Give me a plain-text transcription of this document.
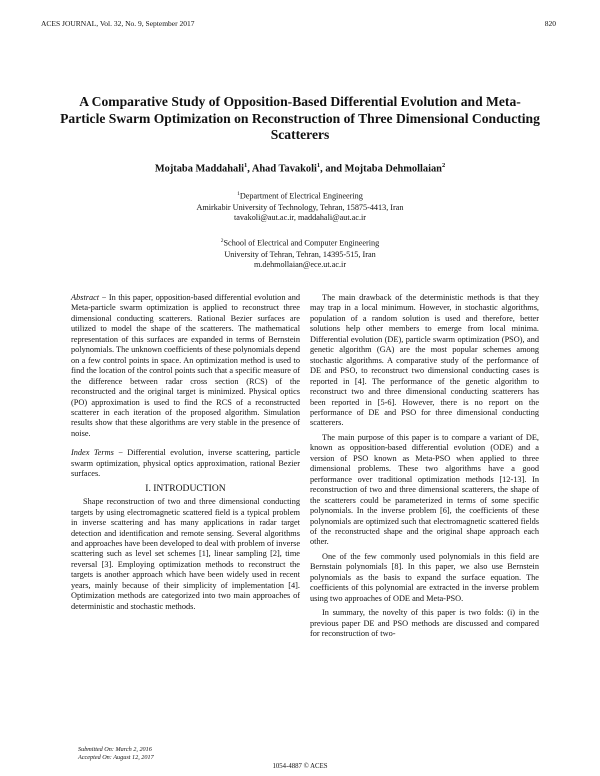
ACES JOURNAL, Vol. 32, No. 9, September 2017	820
A Comparative Study of Opposition-Based Differential Evolution and Meta-Particle Swarm Optimization on Reconstruction of Three Dimensional Conducting Scatterers
Mojtaba Maddahali$^1$, Ahad Tavakoli$^1$, and Mojtaba Dehmollaian$^2$
$^1$Department of Electrical Engineering
Amirkabir University of Technology, Tehran, 15875-4413, Iran
tavakoli@aut.ac.ir, maddahali@aut.ac.ir
$^2$School of Electrical and Computer Engineering
University of Tehran, Tehran, 14395-515, Iran
m.dehmollaian@ece.ut.ac.ir

Abstract − In this paper, opposition-based differential evolution and Meta-particle swarm optimization is applied to reconstruct three dimensional conducting scatterers. Rational Bezier surfaces are utilized to model the shape of the scatterers. The mathematical representation of this surfaces are expanded in terms of Bernstein polynomials. The unknown coefficients of these polynomials depend on a few control points in space. An optimization method is used to find the location of the control points such that a specific measure of the difference between radar cross section (RCS) of the reconstructed and the original target is minimized. Physical optics (PO) approximation is used to find the RCS of a reconstructed scatterer in each iteration of the proposed algorithm. Simulation results show that these algorithms are very stable in the presence of noise.

Index Terms − Differential evolution, inverse scattering, particle swarm optimization, physical optics approximation, rational Bezier surfaces.

I. INTRODUCTION

Shape reconstruction of two and three dimensional conducting targets by using electromagnetic scattered field is a typical problem in inverse scattering and has many applications in radar target detection and identification and remote sensing. Several algorithms and approaches have been developed to deal with problem of inverse scattering such as level set schemes [1], linear sampling [2], time reversal [3]. Employing optimization methods to reconstruct the targets is another approach which have been widely used in recent years, mainly because of their simplicity of implementation [4]. Optimization methods are categorized into two main approaches of deterministic and stochastic methods.

The main drawback of the deterministic methods is that they may trap in a local minimum. However, in stochastic algorithms, population of a random solution is used and therefore, better solutions help other members to emerge from local minima. Differential evolution (DE), particle swarm optimization (PSO), and genetic algorithm (GA) are the most popular schemes among stochastic algorithms. A comparative study of the performance of DE and PSO, to reconstruct two dimensional conducting cases is reported in [4]. The performance of the genetic algorithm to reconstruct two and three dimensional conducting scatterers has been reported in [5-6]. However, there is no report on the performance of DE and PSO for three dimensional conducting scatterers.

The main purpose of this paper is to compare a variant of DE, known as opposition-based differential evolution (ODE) and a version of PSO known as Meta-PSO when applied to three dimensional problems. These two algorithms have a good performance over traditional optimization methods [12-13]. In reconstruction of two and three dimensional scatterers, the shape of the scatterers could be parameterized in terms of some specific polynomials. In the inverse problem [6], the coefficients of these polynomials are optimized such that electromagnetic scattered fields of the reconstructed shape and the original shape approach each other.

One of the few commonly used polynomials in this field are Bernstain polynomials [8]. In this paper, we also use Bernstein polynomials as the basis to expand the surface equation. The coefficients of this polynomial are extracted in the inverse problem using two approaches of ODE and Meta-PSO.

In summary, the novelty of this paper is two folds: (i) in the previous paper DE and PSO methods are discussed and compared for reconstruction of two-

Submitted On: March 2, 2016
Accepted On: August 12, 2017
1054-4887 © ACES
